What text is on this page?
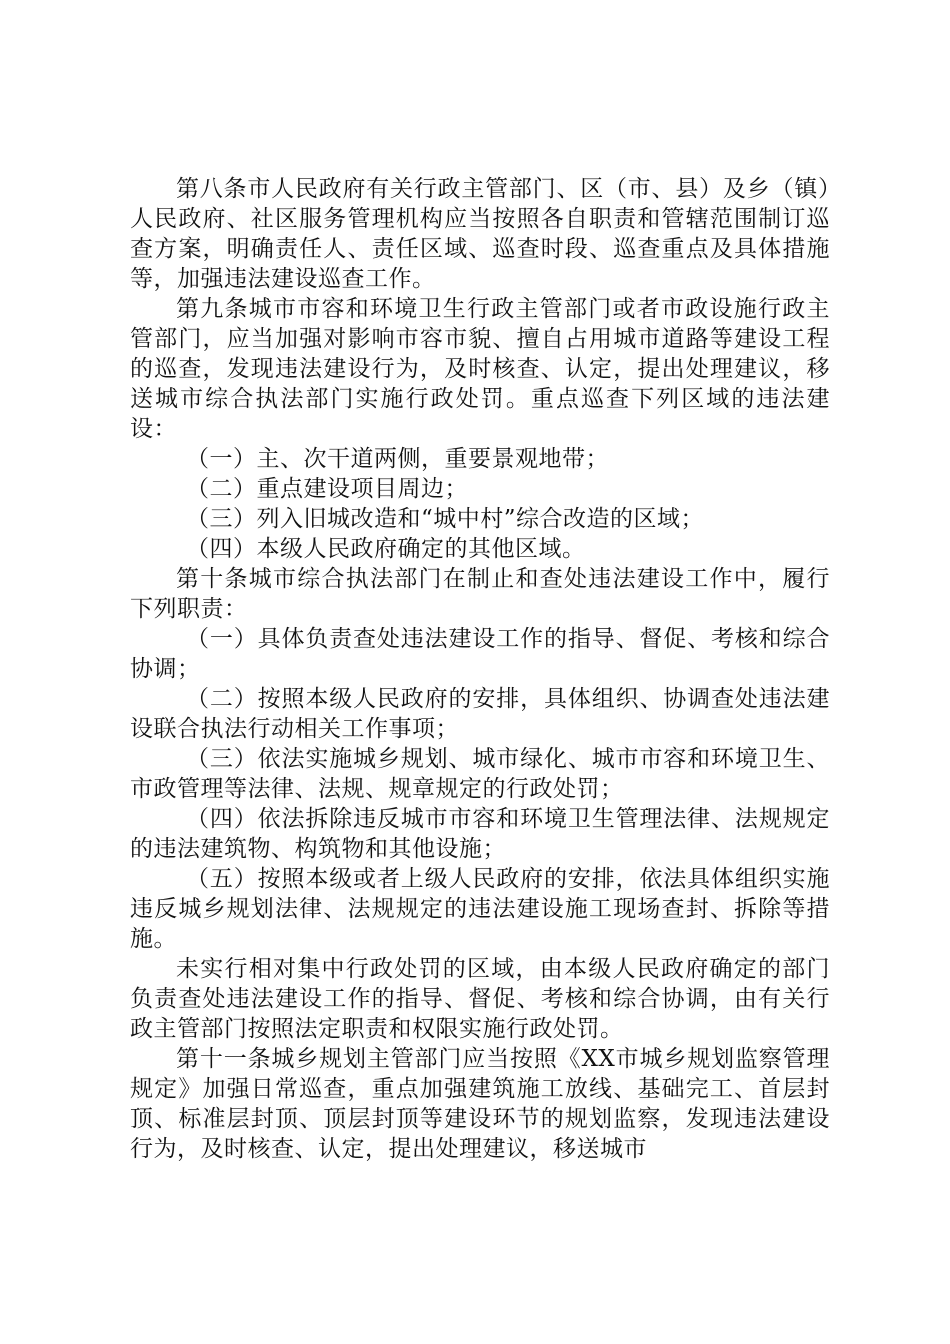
第八条市人民政府有关行政主管部门、区（市、县）及乡（镇）人民政府、社区服务管理机构应当按照各自职责和管辖范围制订巡查方案，明确责任人、责任区域、巡查时段、巡查重点及具体措施等，加强违法建设巡查工作。

第九条城市市容和环境卫生行政主管部门或者市政设施行政主管部门，应当加强对影响市容市貌、擅自占用城市道路等建设工程的巡查，发现违法建设行为，及时核查、认定，提出处理建议，移送城市综合执法部门实施行政处罚。重点巡查下列区域的违法建设：

（一）主、次干道两侧，重要景观地带；

（二）重点建设项目周边；

（三）列入旧城改造和“城中村”综合改造的区域；

（四）本级人民政府确定的其他区域。

第十条城市综合执法部门在制止和查处违法建设工作中，履行下列职责：

（一）具体负责查处违法建设工作的指导、督促、考核和综合协调；

（二）按照本级人民政府的安排，具体组织、协调查处违法建设联合执法行动相关工作事项；

（三）依法实施城乡规划、城市绿化、城市市容和环境卫生、市政管理等法律、法规、规章规定的行政处罚；

（四）依法拆除违反城市市容和环境卫生管理法律、法规规定的违法建筑物、构筑物和其他设施；

（五）按照本级或者上级人民政府的安排，依法具体组织实施违反城乡规划法律、法规规定的违法建设施工现场查封、拆除等措施。

未实行相对集中行政处罚的区域，由本级人民政府确定的部门负责查处违法建设工作的指导、督促、考核和综合协调，由有关行政主管部门按照法定职责和权限实施行政处罚。

第十一条城乡规划主管部门应当按照《XX市城乡规划监察管理规定》加强日常巡查，重点加强建筑施工放线、基础完工、首层封顶、标准层封顶、顶层封顶等建设环节的规划监察，发现违法建设行为，及时核查、认定，提出处理建议，移送城市
